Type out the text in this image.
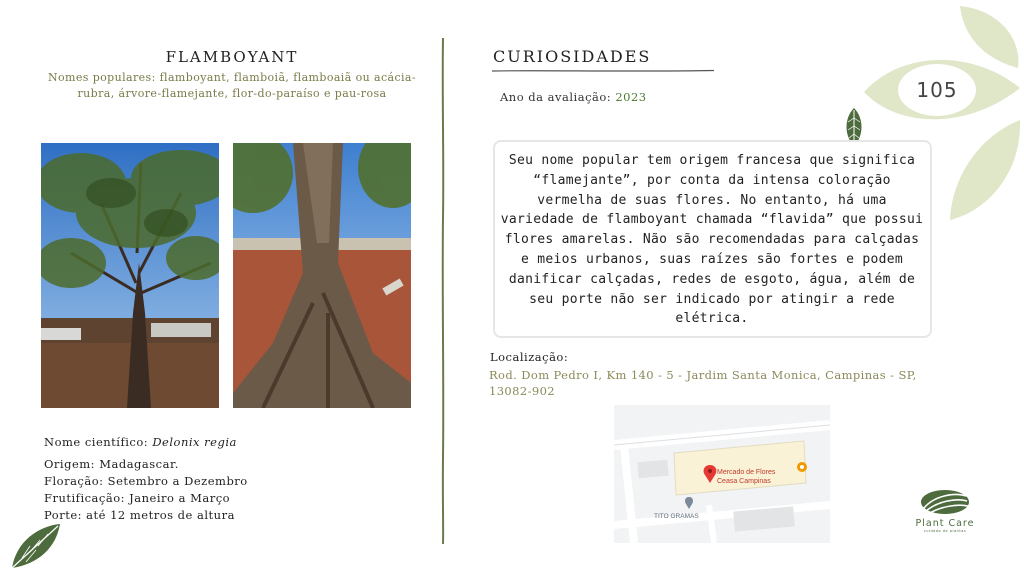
FLAMBOYANT
Nomes populares: flamboyant, flamboiã, flamboaiã ou acácia-rubra, árvore-flamejante, flor-do-paraíso e pau-rosa
Nome científico: Delonix regia
Origem: Madagascar.
Floração: Setembro a Dezembro
Frutificação: Janeiro a Março
Porte: até 12 metros de altura
CURIOSIDADES
Ano da avaliação: 2023	105
Seu nome popular tem origem francesa que significa “flamejante”, por conta da intensa coloração vermelha de suas flores. No entanto, há uma variedade de flamboyant chamada “flavida” que possui flores amarelas. Não são recomendadas para calçadas e meios urbanos, suas raízes são fortes e podem danificar calçadas, redes de esgoto, água, além de seu porte não ser indicado por atingir a rede elétrica.
Localização:
Rod. Dom Pedro I, Km 140 - 5 - Jardim Santa Monica, Campinas - SP, 13082-902
Mercado de Flores
Ceasa Campinas
TITO GRAMAS
Plant Care
cuidado de plantas
